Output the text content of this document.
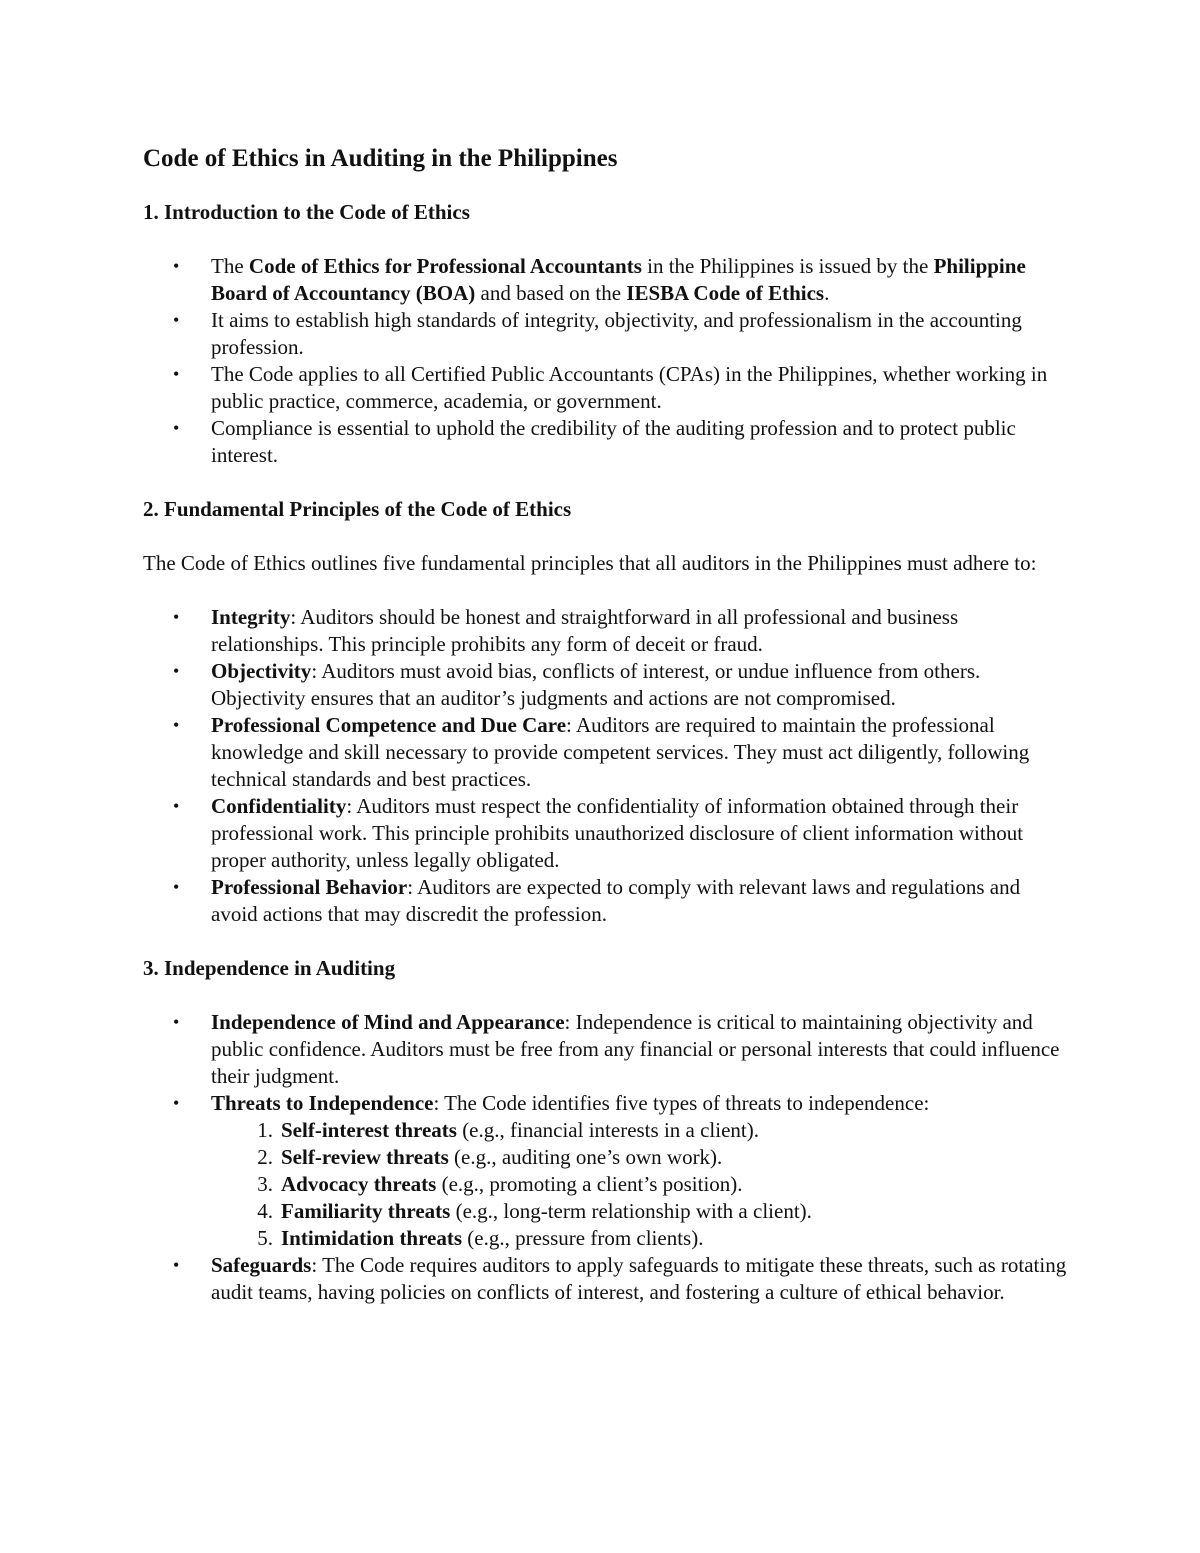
Code of Ethics in Auditing in the Philippines
1. Introduction to the Code of Ethics
• The Code of Ethics for Professional Accountants in the Philippines is issued by the Philippine Board of Accountancy (BOA) and based on the IESBA Code of Ethics.
• It aims to establish high standards of integrity, objectivity, and professionalism in the accounting profession.
• The Code applies to all Certified Public Accountants (CPAs) in the Philippines, whether working in public practice, commerce, academia, or government.
• Compliance is essential to uphold the credibility of the auditing profession and to protect public interest.
2. Fundamental Principles of the Code of Ethics

The Code of Ethics outlines five fundamental principles that all auditors in the Philippines must adhere to:

• Integrity: Auditors should be honest and straightforward in all professional and business relationships. This principle prohibits any form of deceit or fraud.
• Objectivity: Auditors must avoid bias, conflicts of interest, or undue influence from others. Objectivity ensures that an auditor’s judgments and actions are not compromised.
• Professional Competence and Due Care: Auditors are required to maintain the professional knowledge and skill necessary to provide competent services. They must act diligently, following technical standards and best practices.
• Confidentiality: Auditors must respect the confidentiality of information obtained through their professional work. This principle prohibits unauthorized disclosure of client information without proper authority, unless legally obligated.
• Professional Behavior: Auditors are expected to comply with relevant laws and regulations and avoid actions that may discredit the profession.
3. Independence in Auditing
• Independence of Mind and Appearance: Independence is critical to maintaining objectivity and public confidence. Auditors must be free from any financial or personal interests that could influence their judgment.
• Threats to Independence: The Code identifies five types of threats to independence:
1. Self-interest threats (e.g., financial interests in a client).
2. Self-review threats (e.g., auditing one’s own work).
3. Advocacy threats (e.g., promoting a client’s position).
4. Familiarity threats (e.g., long-term relationship with a client).
5. Intimidation threats (e.g., pressure from clients).
• Safeguards: The Code requires auditors to apply safeguards to mitigate these threats, such as rotating audit teams, having policies on conflicts of interest, and fostering a culture of ethical behavior.
